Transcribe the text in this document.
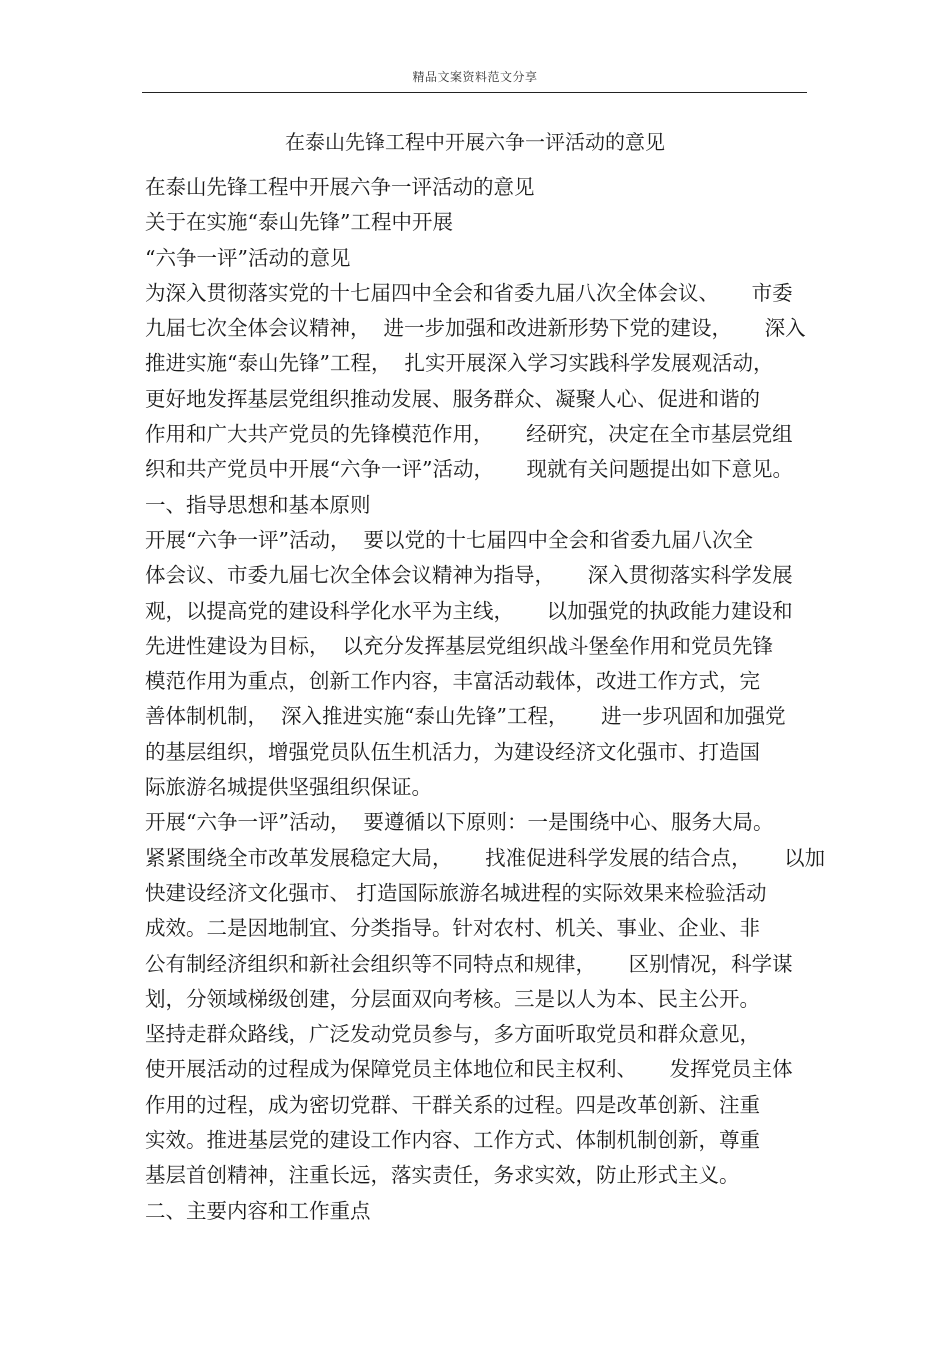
精品文案资料范文分享
在泰山先锋工程中开展六争一评活动的意见
在泰山先锋工程中开展六争一评活动的意见
关于在实施“泰山先锋”工程中开展
“六争一评”活动的意见
为深入贯彻落实党的十七届四中全会和省委九届八次全体会议、     市委
九届七次全体会议精神，  进一步加强和改进新形势下党的建设，     深入
推进实施“泰山先锋”工程，  扎实开展深入学习实践科学发展观活动，
更好地发挥基层党组织推动发展、服务群众、凝聚人心、促进和谐的
作用和广大共产党员的先锋模范作用，     经研究，决定在全市基层党组
织和共产党员中开展“六争一评”活动，     现就有关问题提出如下意见。
一、指导思想和基本原则
开展“六争一评”活动，  要以党的十七届四中全会和省委九届八次全
体会议、市委九届七次全体会议精神为指导，     深入贯彻落实科学发展
观，以提高党的建设科学化水平为主线，     以加强党的执政能力建设和
先进性建设为目标，  以充分发挥基层党组织战斗堡垒作用和党员先锋
模范作用为重点，创新工作内容，丰富活动载体，改进工作方式，完
善体制机制，  深入推进实施“泰山先锋”工程，     进一步巩固和加强党
的基层组织，增强党员队伍生机活力，为建设经济文化强市、打造国
际旅游名城提供坚强组织保证。
开展“六争一评”活动，  要遵循以下原则：一是围绕中心、服务大局。
紧紧围绕全市改革发展稳定大局，     找准促进科学发展的结合点，     以加
快建设经济文化强市、 打造国际旅游名城进程的实际效果来检验活动
成效。二是因地制宜、分类指导。针对农村、机关、事业、企业、非
公有制经济组织和新社会组织等不同特点和规律，     区别情况，科学谋
划，分领域梯级创建，分层面双向考核。三是以人为本、民主公开。
坚持走群众路线，广泛发动党员参与，多方面听取党员和群众意见，
使开展活动的过程成为保障党员主体地位和民主权利、     发挥党员主体
作用的过程，成为密切党群、干群关系的过程。四是改革创新、注重
实效。推进基层党的建设工作内容、工作方式、体制机制创新，尊重
基层首创精神，注重长远，落实责任，务求实效，防止形式主义。
二、主要内容和工作重点
